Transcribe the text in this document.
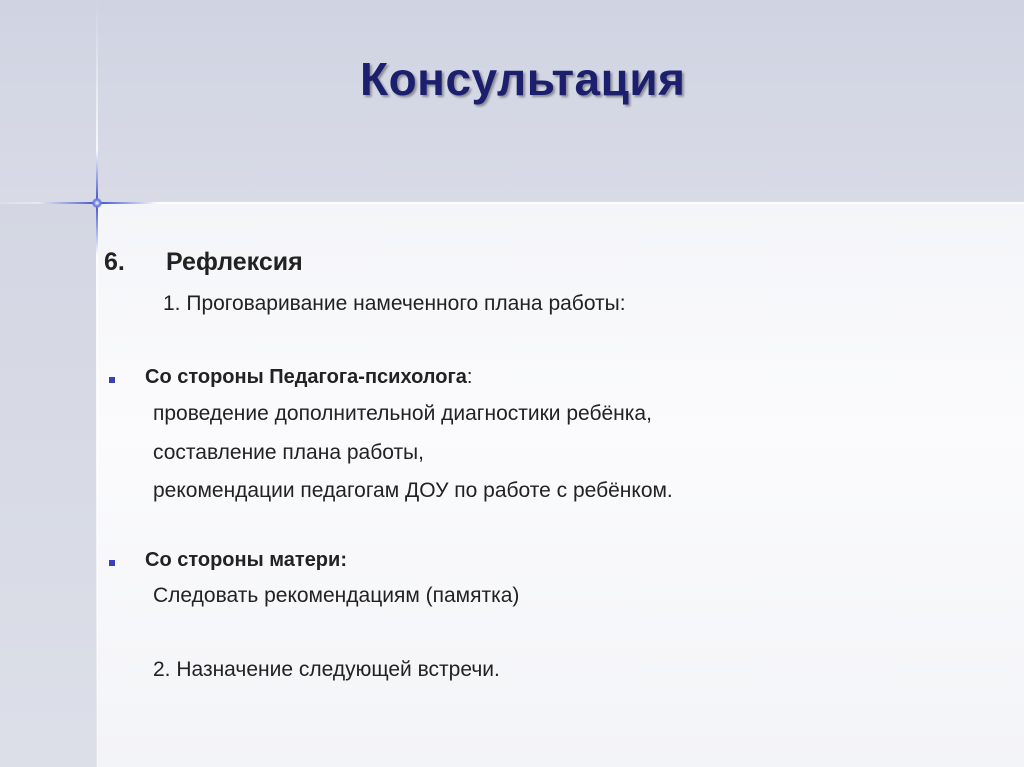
Консультация

6. Рефлексия

1. Проговаривание намеченного плана работы:

Со стороны Педагога-психолога:

проведение дополнительной диагностики ребёнка,

составление плана работы,

рекомендации педагогам ДОУ по работе с ребёнком.

Со стороны матери:

Следовать рекомендациям (памятка)

2. Назначение следующей встречи.
